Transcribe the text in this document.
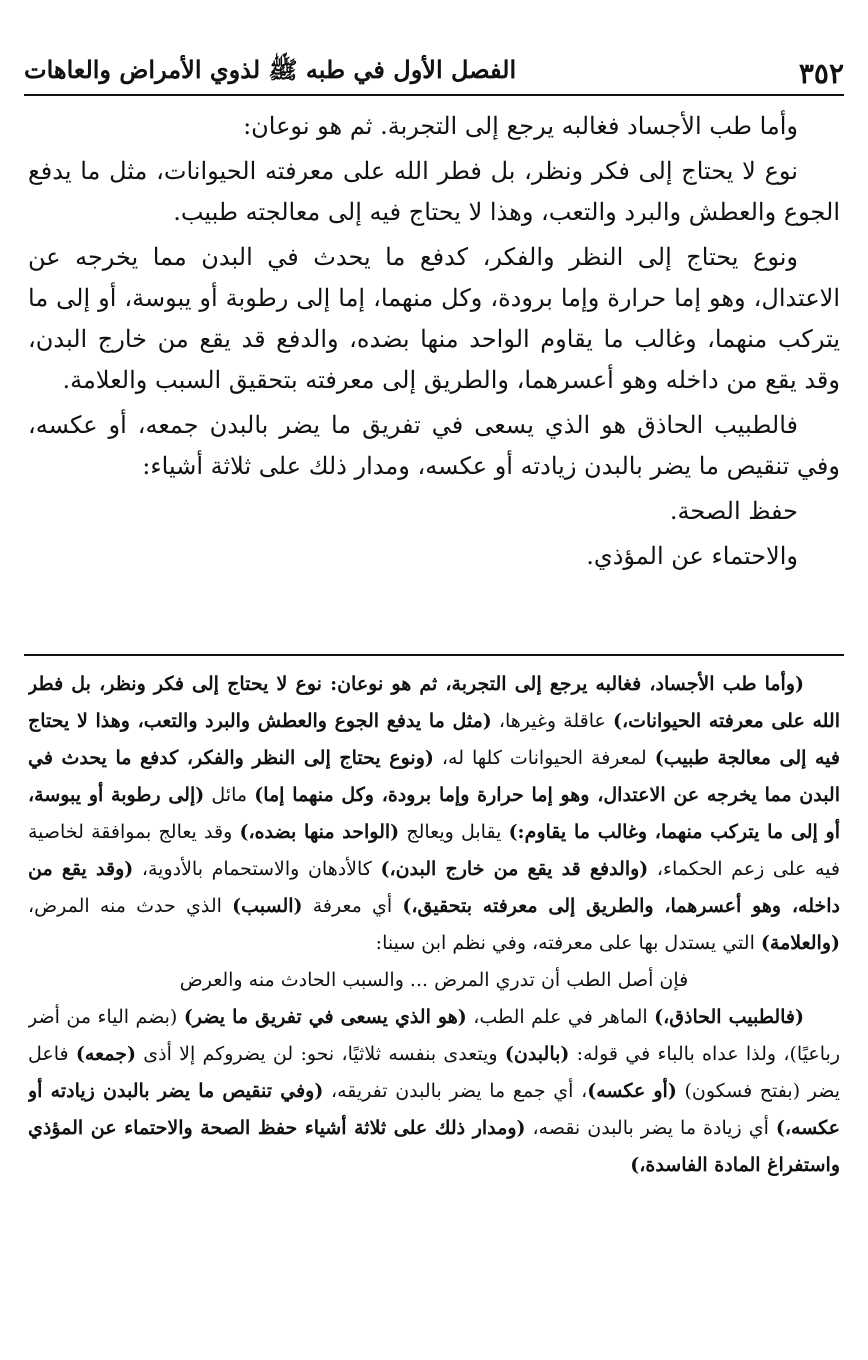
٣٥٢
الفصل الأول في طبه ﷺ لذوي الأمراض والعاهات

وأما طب الأجساد فغالبه يرجع إلى التجربة. ثم هو نوعان:

نوع لا يحتاج إلى فكر ونظر، بل فطر الله على معرفته الحيوانات، مثل ما يدفع الجوع والعطش والبرد والتعب، وهذا لا يحتاج فيه إلى معالجته طبيب.

ونوع يحتاج إلى النظر والفكر، كدفع ما يحدث في البدن مما يخرجه عن الاعتدال، وهو إما حرارة وإما برودة، وكل منهما، إما إلى رطوبة أو يبوسة، أو إلى ما يتركب منهما، وغالب ما يقاوم الواحد منها بضده، والدفع قد يقع من خارج البدن، وقد يقع من داخله وهو أعسرهما، والطريق إلى معرفته بتحقيق السبب والعلامة.

فالطبيب الحاذق هو الذي يسعى في تفريق ما يضر بالبدن جمعه، أو عكسه، وفي تنقيص ما يضر بالبدن زيادته أو عكسه، ومدار ذلك على ثلاثة أشياء:

حفظ الصحة.

والاحتماء عن المؤذي.

(وأما طب الأجساد، فغالبه يرجع إلى التجربة، ثم هو نوعان: نوع لا يحتاج إلى فكر ونظر، بل فطر الله على معرفته الحيوانات،) عاقلة وغيرها، (مثل ما يدفع الجوع والعطش والبرد والتعب، وهذا لا يحتاج فيه إلى معالجة طبيب) لمعرفة الحيوانات كلها له، (ونوع يحتاج إلى النظر والفكر، كدفع ما يحدث في البدن مما يخرجه عن الاعتدال، وهو إما حرارة وإما برودة، وكل منهما إما) مائل (إلى رطوبة أو يبوسة، أو إلى ما يتركب منهما، وغالب ما يقاوم:) يقابل ويعالج (الواحد منها بضده،) وقد يعالج بموافقة لخاصية فيه على زعم الحكماء، (والدفع قد يقع من خارج البدن،) كالأدهان والاستحمام بالأدوية، (وقد يقع من داخله، وهو أعسرهما، والطريق إلى معرفته بتحقيق،) أي معرفة (السبب) الذي حدث منه المرض، (والعلامة) التي يستدل بها على معرفته، وفي نظم ابن سينا:

فإن أصل الطب أن تدري المرض ... والسبب الحادث منه والعرض

(فالطبيب الحاذق،) الماهر في علم الطب، (هو الذي يسعى في تفريق ما يضر) (بضم الياء من أضر رباعيًا)، ولذا عداه بالباء في قوله: (بالبدن) ويتعدى بنفسه ثلاثيًا، نحو: لن يضروكم إلا أذى (جمعه) فاعل يضر (بفتح فسكون) (أو عكسه)، أي جمع ما يضر بالبدن تفريقه، (وفي تنقيص ما يضر بالبدن زيادته أو عكسه،) أي زيادة ما يضر بالبدن نقصه، (ومدار ذلك على ثلاثة أشياء حفظ الصحة والاحتماء عن المؤذي واستفراغ المادة الفاسدة،)
